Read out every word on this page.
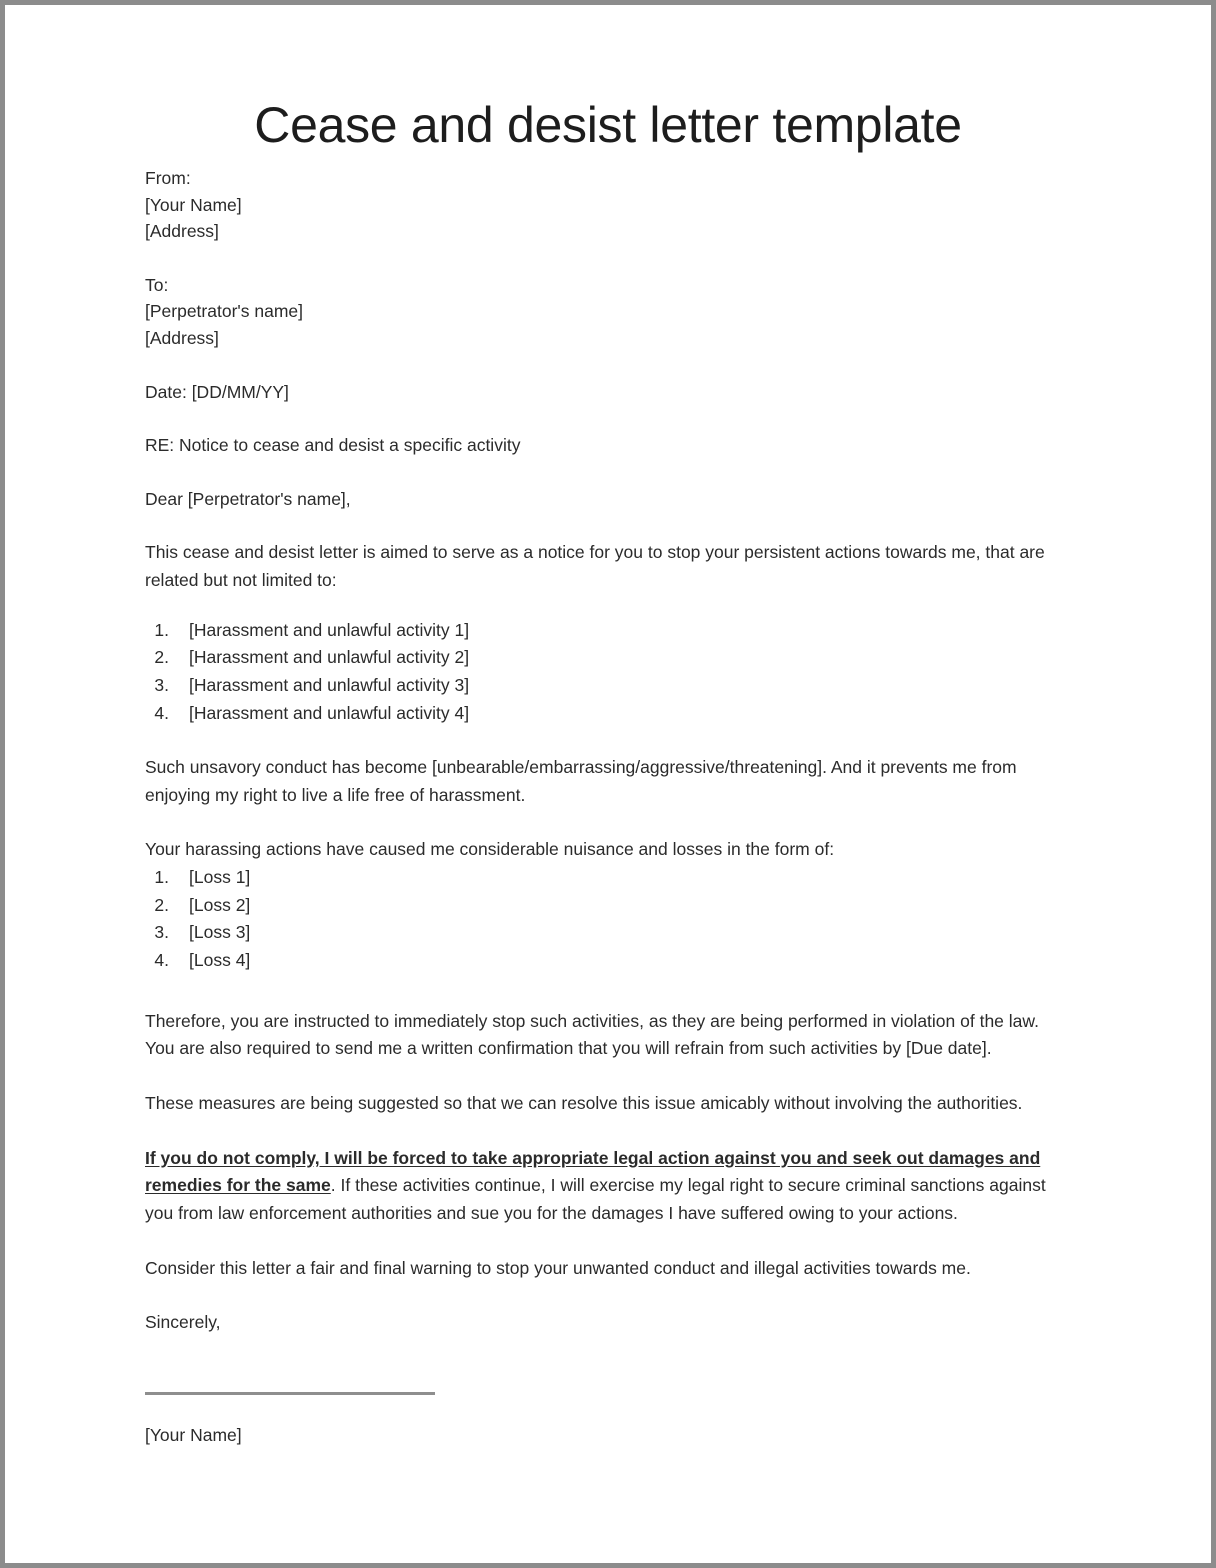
Cease and desist letter template

From:

[Your Name]

[Address]

To:

[Perpetrator's name]

[Address]

Date: [DD/MM/YY]

RE: Notice to cease and desist a specific activity

Dear [Perpetrator's name],

This cease and desist letter is aimed to serve as a notice for you to stop your persistent actions towards me, that are related but not limited to:

1.	[Harassment and unlawful activity 1]
2.	[Harassment and unlawful activity 2]
3.	[Harassment and unlawful activity 3]
4.	[Harassment and unlawful activity 4]

Such unsavory conduct has become [unbearable/embarrassing/aggressive/threatening]. And it prevents me from enjoying my right to live a life free of harassment.

Your harassing actions have caused me considerable nuisance and losses in the form of:

1.	[Loss 1]
2.	[Loss 2]
3.	[Loss 3]
4.	[Loss 4]

Therefore, you are instructed to immediately stop such activities, as they are being performed in violation of the law. You are also required to send me a written confirmation that you will refrain from such activities by [Due date].

These measures are being suggested so that we can resolve this issue amicably without involving the authorities.

If you do not comply, I will be forced to take appropriate legal action against you and seek out damages and remedies for the same. If these activities continue, I will exercise my legal right to secure criminal sanctions against you from law enforcement authorities and sue you for the damages I have suffered owing to your actions.

Consider this letter a fair and final warning to stop your unwanted conduct and illegal activities towards me.

Sincerely,

[Your Name]
